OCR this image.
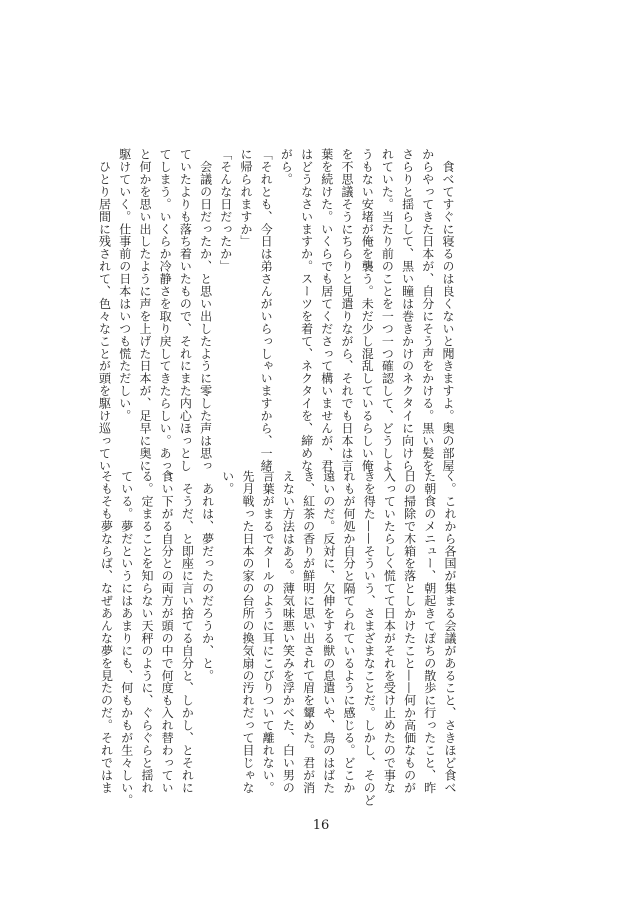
　食べてすぐに寝るのは良くないと聞きますよ。奥の部屋
からやってきた日本が、自分にそう声をかける。黒い髪を
さらりと揺らして、黒い瞳は巻きかけのネクタイに向けら
れていた。当たり前のことを一つ一つ確認して、どうしよ
うもない安堵が俺を襲う。未だ少し混乱しているらしい俺
を不思議そうにちらりと見遣りながら、それでも日本は言
葉を続けた。いくらでも居てくださって構いませんが、君
はどうなさいますか。スーツを着て、ネクタイを、締めな
がら。
「それとも、今日は弟さんがいらっしゃいますから、一緒
に帰られますか」
「そんな日だったか」
　会議の日だったか、と思い出したように零した声は思っ
ていたよりも落ち着いたもので、それにまた内心ほっとし
てしまう。いくらか冷静さを取り戻してきたらしい。あっ、
と何かを思い出したように声を上げた日本が、足早に奥に
駆けていく。仕事前の日本はいつも慌ただしい。
　ひとり居間に残されて、色々なことが頭を駆け巡ってい
く。これから各国が集まる会議があること、さきほど食べ
た朝食のメニュー、朝起きてぽちの散歩に行ったこと、昨
日の掃除で木箱を落としかけたこと——何か高価なものが
入っていたらしく慌てて日本がそれを受け止めたので事な
きを得た——そういう、さまざまなことだ。しかし、そのど
れもが何処か自分と隔てられているように感じる。どこか
遠いのだ。反対に、欠伸をする獣の息遣いや、鳥のはばた
き、紅茶の香りが鮮明に思い出されて眉を顰めた。君が消
えない方法はある。薄気味悪い笑みを浮かべた、白い男の
言葉がまるでタールのように耳にこびりついて離れない。
先月戦った日本の家の台所の換気扇の汚れだって目じゃな
い。
　あれは、夢だったのだろうか、と。
　そうだ、と即座に言い捨てる自分と、しかし、とそれに
食い下がる自分との両方が頭の中で何度も入れ替わってい
る。定まることを知らない天秤のように、ぐらぐらと揺れ
ている。夢だというにはあまりにも、何もかもが生々しい。
そもそも夢ならば、なぜあんな夢を見たのだ。それではま
16
